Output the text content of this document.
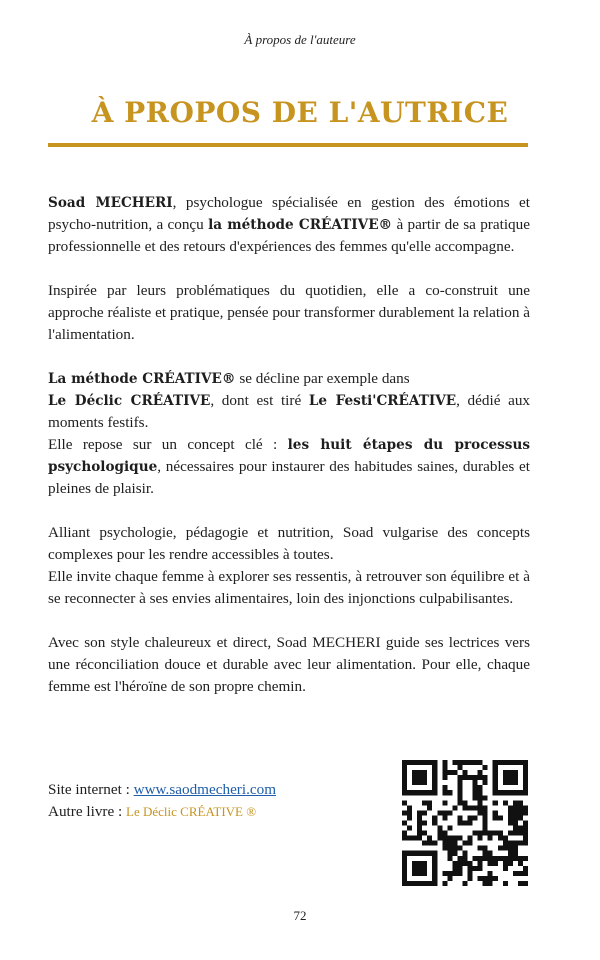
À propos de l'auteure
À PROPOS DE L'AUTRICE

Soad MECHERI, psychologue spécialisée en gestion des émotions et psycho-nutrition, a conçu la méthode CRÉATIVE® à partir de sa pratique professionnelle et des retours d'expériences des femmes qu'elle accompagne.

Inspirée par leurs problématiques du quotidien, elle a co-construit une approche réaliste et pratique, pensée pour transformer durablement la relation à l'alimentation.

La méthode CRÉATIVE® se décline par exemple dans
Le Déclic CRÉATIVE, dont est tiré Le Festi'CRÉATIVE, dédié aux moments festifs.

Elle repose sur un concept clé : les huit étapes du processus psychologique, nécessaires pour instaurer des habitudes saines, durables et pleines de plaisir.

Alliant psychologie, pédagogie et nutrition, Soad vulgarise des concepts complexes pour les rendre accessibles à toutes.

Elle invite chaque femme à explorer ses ressentis, à retrouver son équilibre et à se reconnecter à ses envies alimentaires, loin des injonctions culpabilisantes.

Avec son style chaleureux et direct, Soad MECHERI guide ses lectrices vers une réconciliation douce et durable avec leur alimentation. Pour elle, chaque femme est l'héroïne de son propre chemin.

Site internet : www.saodmecheri.com
Autre livre : Le Déclic CRÉATIVE ®
72
